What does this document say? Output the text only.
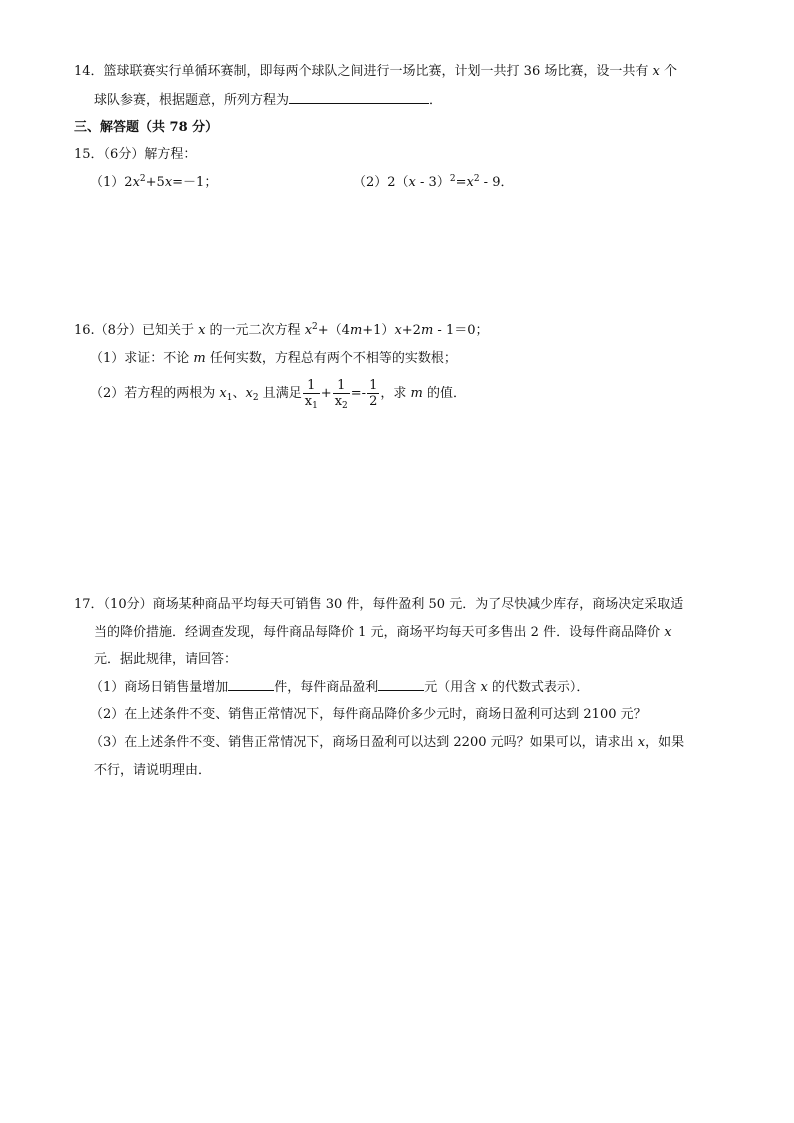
14．篮球联赛实行单循环赛制，即每两个球队之间进行一场比赛，计划一共打 36 场比赛，设一共有 x 个
球队参赛，根据题意，所列方程为	．
三、解答题（共 78 分）
15．（6分）解方程：
$(1)2x^2+5x=-1$；	$(2)2(x - 3)^2=x^2 - 9$．
16.（8分）已知关于 x 的一元二次方程 $x^2+(4m+1)x+2m - 1=0$；
（1）求证：不论 m 任何实数，方程总有两个不相等的实数根；
（2）若方程的两根为 $x_1$、$x_2$ 且满足 $\frac{1}{x_1} + \frac{1}{x_2} =- \frac{1}{2}$ ，求 m 的值．
17．（10分）商场某种商品平均每天可销售 30 件，每件盈利 50 元．为了尽快减少库存，商场决定采取适
当的降价措施．经调查发现，每件商品每降价 1 元，商场平均每天可多售出 2 件．设每件商品降价 x
元．据此规律，请回答：
（1）商场日销售量增加	件，每件商品盈利	元（用含 x 的代数式表示）．
（2）在上述条件不变、销售正常情况下，每件商品降价多少元时，商场日盈利可达到 2100 元？
（3）在上述条件不变、销售正常情况下，商场日盈利可以达到 2200 元吗？如果可以，请求出 x，如果
不行，请说明理由．
